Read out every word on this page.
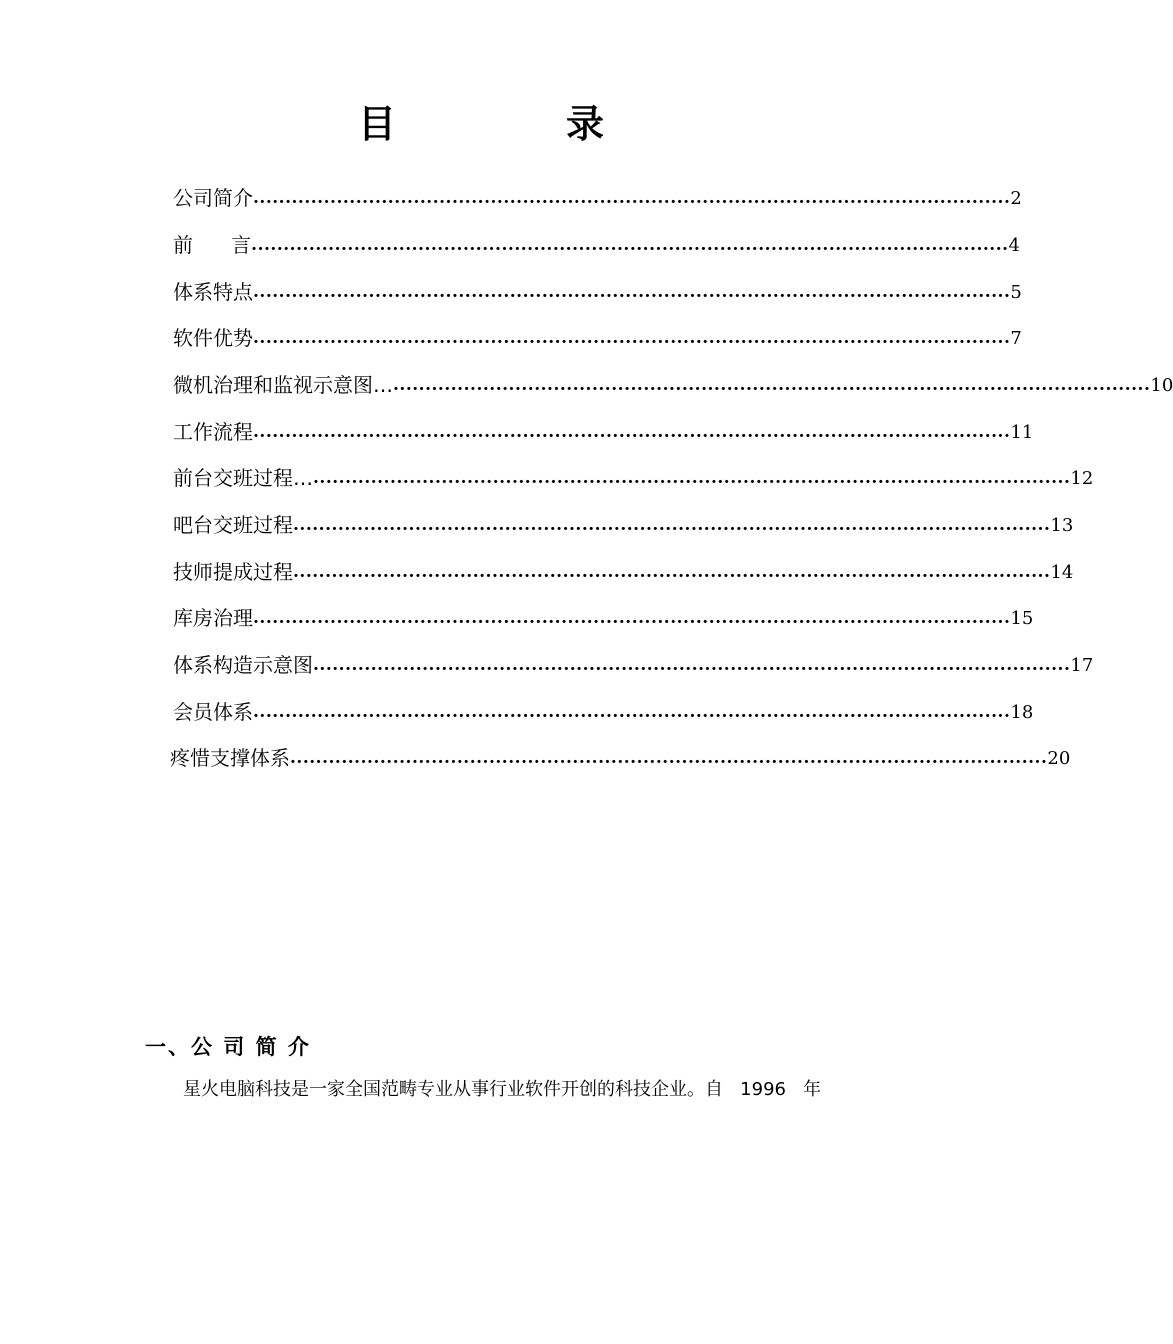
目	录
公司简介 ...................................................................................................................... 2
前      言 ...................................................................................................................... 4
体系特点 ...................................................................................................................... 5
软件优势 ...................................................................................................................... 7
微机治理和监视示意图… ...................................................................................................................... 10
工作流程 ...................................................................................................................... 11
前台交班过程… ...................................................................................................................... 12
吧台交班过程 ...................................................................................................................... 13
技师提成过程 ...................................................................................................................... 14
库房治理 ...................................................................................................................... 15
体系构造示意图 ...................................................................................................................... 17
会员体系 ...................................................................................................................... 18
疼惜支撑体系 ...................................................................................................................... 20
一、公 司 简 介
星火电脑科技是一家全国范畴专业从事行业软件开创的科技企业。自   1996   年
